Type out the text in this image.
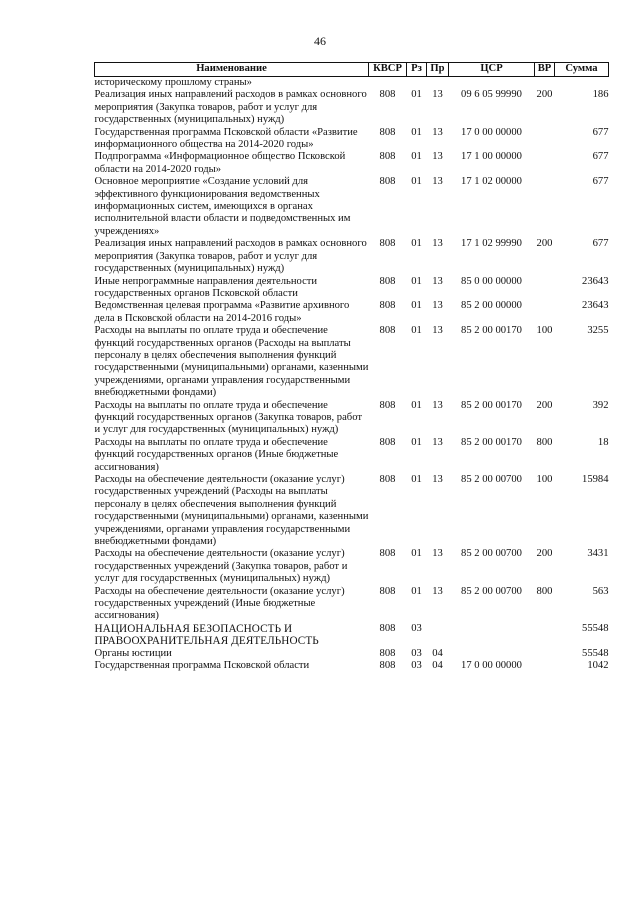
46
Наименование	КВСР	Рз	Пр	ЦСР	ВР	Сумма
историческому прошлому страны»						
Реализация иных направлений расходов в рамках основного мероприятия (Закупка товаров, работ и услуг для государственных (муниципальных) нужд)	808	01	13	09 6 05 99990	200	186
Государственная программа Псковской области «Развитие информационного общества на 2014-2020 годы»	808	01	13	17 0 00 00000		677
Подпрограмма «Информационное общество Псковской области на 2014-2020 годы»	808	01	13	17 1 00 00000		677
Основное мероприятие «Создание условий для эффективного функционирования ведомственных информационных систем, имеющихся в органах исполнительной власти области и подведомственных им учреждениях»	808	01	13	17 1 02 00000		677
Реализация иных направлений расходов в рамках основного мероприятия (Закупка товаров, работ и услуг для государственных (муниципальных) нужд)	808	01	13	17 1 02 99990	200	677
Иные непрограммные направления деятельности государственных органов Псковской области	808	01	13	85 0 00 00000		23643
Ведомственная целевая программа «Развитие архивного дела в Псковской области на 2014-2016 годы»	808	01	13	85 2 00 00000		23643
Расходы на выплаты по оплате труда и обеспечение функций государственных органов (Расходы на выплаты персоналу в целях обеспечения выполнения функций государственными (муниципальными) органами, казенными учреждениями, органами управления государственными внебюджетными фондами)	808	01	13	85 2 00 00170	100	3255
Расходы на выплаты по оплате труда и обеспечение функций государственных органов (Закупка товаров, работ и услуг для государственных (муниципальных) нужд)	808	01	13	85 2 00 00170	200	392
Расходы на выплаты по оплате труда и обеспечение функций государственных органов (Иные бюджетные ассигнования)	808	01	13	85 2 00 00170	800	18
Расходы на обеспечение деятельности (оказание услуг) государственных учреждений (Расходы на выплаты персоналу в целях обеспечения выполнения функций государственными (муниципальными) органами, казенными учреждениями, органами управления государственными внебюджетными фондами)	808	01	13	85 2 00 00700	100	15984
Расходы на обеспечение деятельности (оказание услуг) государственных учреждений (Закупка товаров, работ и услуг для государственных (муниципальных) нужд)	808	01	13	85 2 00 00700	200	3431
Расходы на обеспечение деятельности (оказание услуг) государственных учреждений (Иные бюджетные ассигнования)	808	01	13	85 2 00 00700	800	563
НАЦИОНАЛЬНАЯ БЕЗОПАСНОСТЬ И ПРАВООХРАНИТЕЛЬНАЯ ДЕЯТЕЛЬНОСТЬ	808	03				55548
Органы юстиции	808	03	04			55548
Государственная программа Псковской области	808	03	04	17 0 00 00000		1042
